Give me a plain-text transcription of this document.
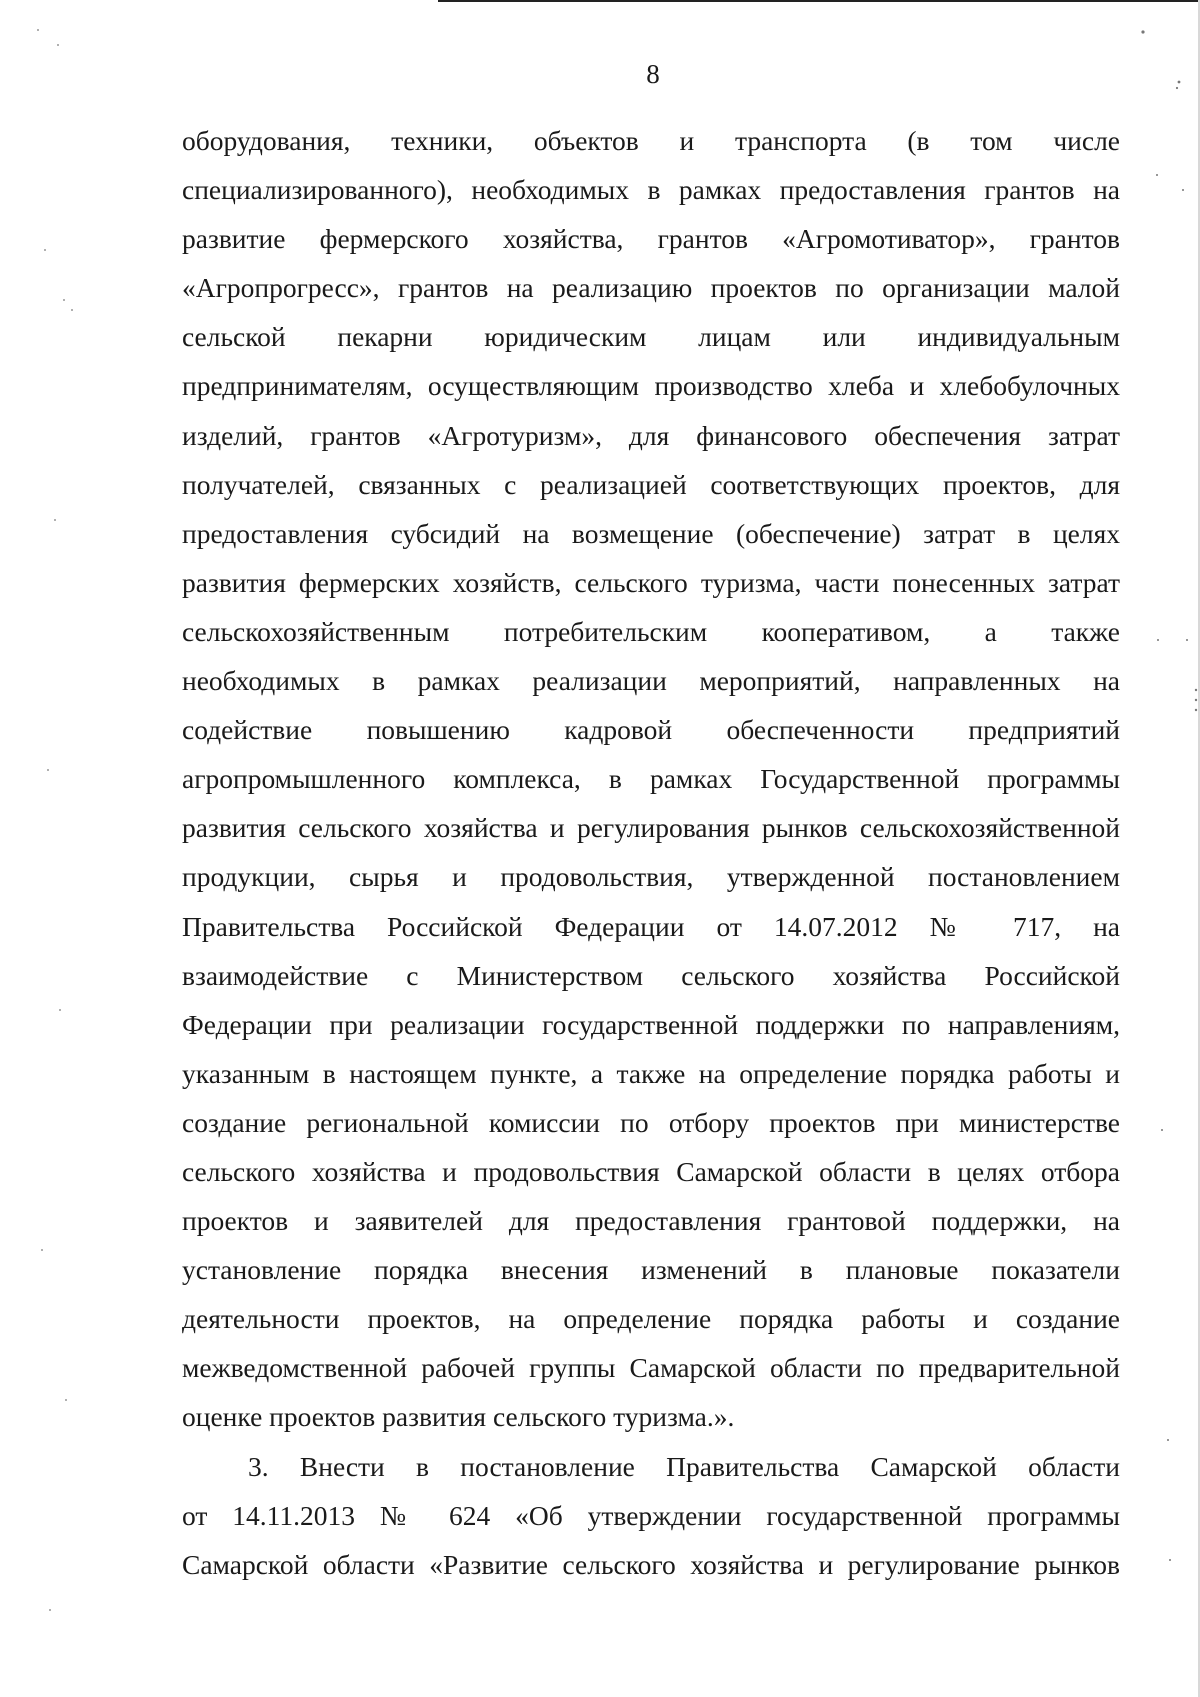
8
оборудования, техники, объектов и транспорта (в том числе
специализированного), необходимых в рамках предоставления грантов на
развитие фермерского хозяйства, грантов «Агромотиватор», грантов
«Агропрогресс», грантов на реализацию проектов по организации малой
сельской пекарни юридическим лицам или индивидуальным
предпринимателям, осуществляющим производство хлеба и хлебобулочных
изделий, грантов «Агротуризм», для финансового обеспечения затрат
получателей, связанных с реализацией соответствующих проектов, для
предоставления субсидий на возмещение (обеспечение) затрат в целях
развития фермерских хозяйств, сельского туризма, части понесенных затрат
сельскохозяйственным потребительским кооперативом, а также
необходимых в рамках реализации мероприятий, направленных на
содействие повышению кадровой обеспеченности предприятий
агропромышленного комплекса, в рамках Государственной программы
развития сельского хозяйства и регулирования рынков сельскохозяйственной
продукции, сырья и продовольствия, утвержденной постановлением
Правительства Российской Федерации от 14.07.2012 № 717, на
взаимодействие с Министерством сельского хозяйства Российской
Федерации при реализации государственной поддержки по направлениям,
указанным в настоящем пункте, а также на определение порядка работы и
создание региональной комиссии по отбору проектов при министерстве
сельского хозяйства и продовольствия Самарской области в целях отбора
проектов и заявителей для предоставления грантовой поддержки, на
установление порядка внесения изменений в плановые показатели
деятельности проектов, на определение порядка работы и создание
межведомственной рабочей группы Самарской области по предварительной
оценке проектов развития сельского туризма.».
3. Внести в постановление Правительства Самарской области
от 14.11.2013 № 624 «Об утверждении государственной программы
Самарской области «Развитие сельского хозяйства и регулирование рынков
